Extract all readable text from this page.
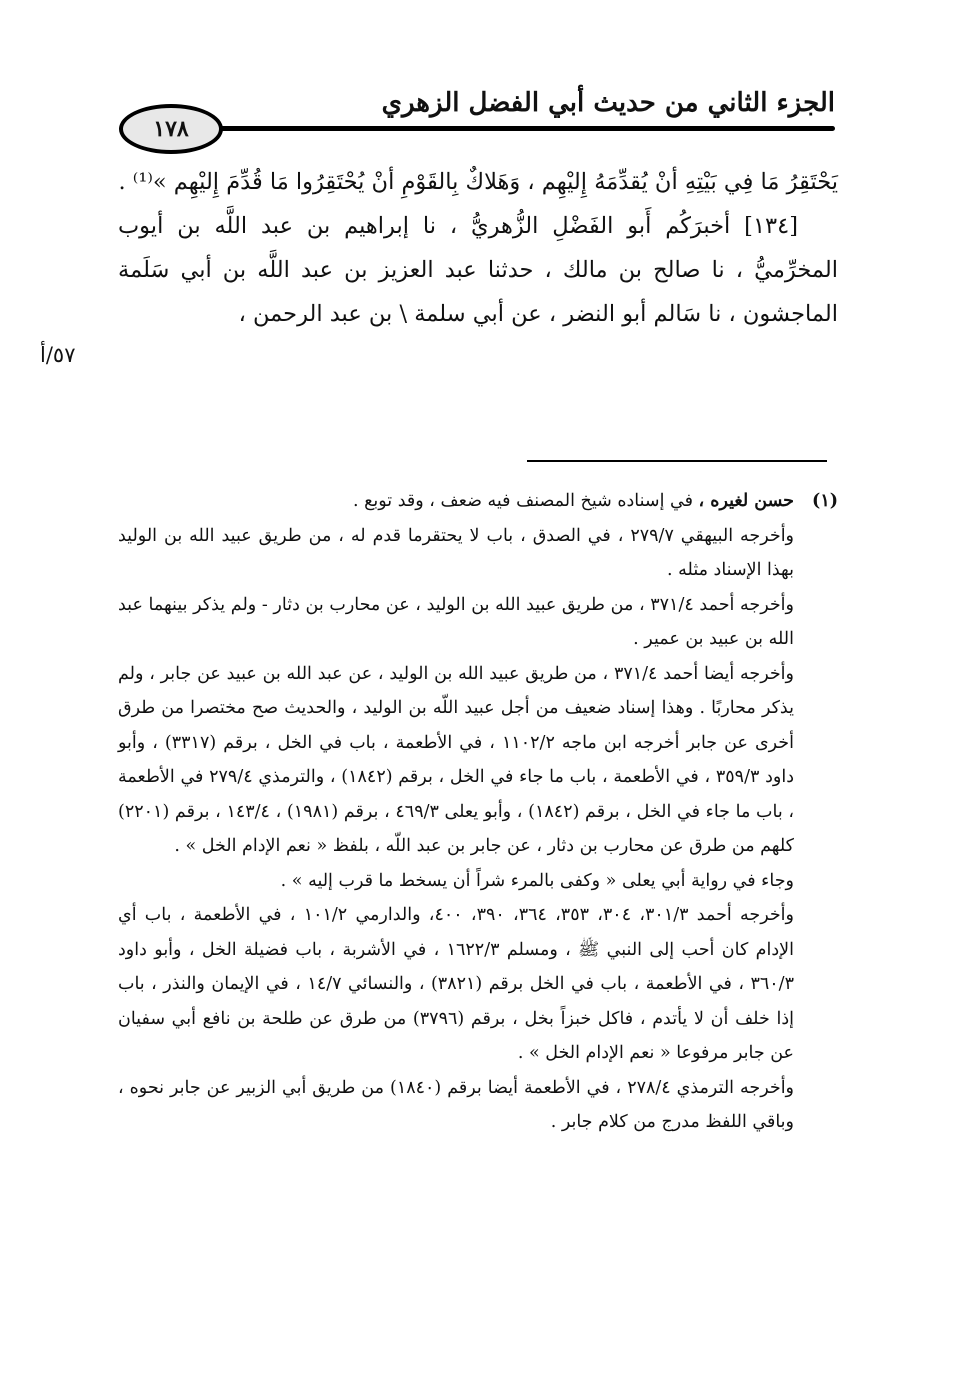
الجزء الثاني من حديث أبي الفضل الزهري
١٧٨

يَحْتَقِرُ مَا فِي بَيْتِهِ أنْ يُقدِّمَهُ إِليْهِم ، وَهَلاكٌ بِالقَوْمِ أنْ يُحْتَقِرُوا مَا قُدِّمَ إِليْهِم »⁽¹⁾ .

[١٣٤] أخبرَكُم أَبو الفَضْلِ الزُّهريُّ ، نا إبراهيم بن عبد اللَّه بن أيوب المخرِّميُّ ، نا صالح بن مالك ، حدثنا عبد العزيز بن عبد اللَّه بن أبي سَلَمة الماجشون ، نا سَالم أبو النضر ، عن أبي سلمة \ بن عبد الرحمن ،

٥٧/أ

(١)حسن لغيره ، في إسناده شيخ المصنف فيه ضعف ، وقد توبع .

وأخرجه البيهقي ٢٧٩/٧ ، في الصدق ، باب لا يحتقرما قدم له ، من طريق عبيد الله بن الوليد بهذا الإسناد مثله .

وأخرجه أحمد ٣٧١/٤ ، من طريق عبيد الله بن الوليد ، عن محارب بن دثار - ولم يذكر بينهما عبد الله بن عبيد بن عمير .

وأخرجه أيضا أحمد ٣٧١/٤ ، من طريق عبيد الله بن الوليد ، عن عبد الله بن عبيد عن جابر ، ولم يذكر محاربًا . وهذا إسناد ضعيف من أجل عبيد اللّه بن الوليد ، والحديث صح مختصرا من طرق أخرى عن جابر أخرجه ابن ماجه ١١٠٢/٢ ، في الأطعمة ، باب في الخل ، برقم (٣٣١٧) ، وأبو داود ٣٥٩/٣ ، في الأطعمة ، باب ما جاء في الخل ، برقم (١٨٤٢) ، والترمذي ٢٧٩/٤ في الأطعمة ، باب ما جاء في الخل ، برقم (١٨٤٢) ، وأبو يعلى ٤٦٩/٣ ، برقم (١٩٨١) ، ١٤٣/٤ ، برقم (٢٢٠١) كلهم من طرق عن محارب بن دثار ، عن جابر بن عبد اللّه ، بلفظ « نعم الإدام الخل » .

وجاء في رواية أبي يعلى « وكفى بالمرء شراً أن يسخط ما قرب إليه » .

وأخرجه أحمد ٣٠١/٣، ٣٠٤، ٣٥٣، ٣٦٤، ٣٩٠، ٤٠٠، والدارمي ١٠١/٢ ، في الأطعمة ، باب أي الإدام كان أحب إلى النبي ﷺ ، ومسلم ١٦٢٢/٣ ، في الأشربة ، باب فضيلة الخل ، وأبو داود ٣٦٠/٣ ، في الأطعمة ، باب في الخل برقم (٣٨٢١) ، والنسائي ١٤/٧ ، في الإيمان والنذر ، باب إذا خلف أن لا يأتدم ، فاكل خبزاً بخل ، برقم (٣٧٩٦) من طرق عن طلحة بن نافع أبي سفيان عن جابر مرفوعا « نعم الإدام الخل » .

وأخرجه الترمذي ٢٧٨/٤ ، في الأطعمة أيضا برقم (١٨٤٠) من طريق أبي الزبير عن جابر نحوه ، وباقي اللفظ مدرج من كلام جابر .
